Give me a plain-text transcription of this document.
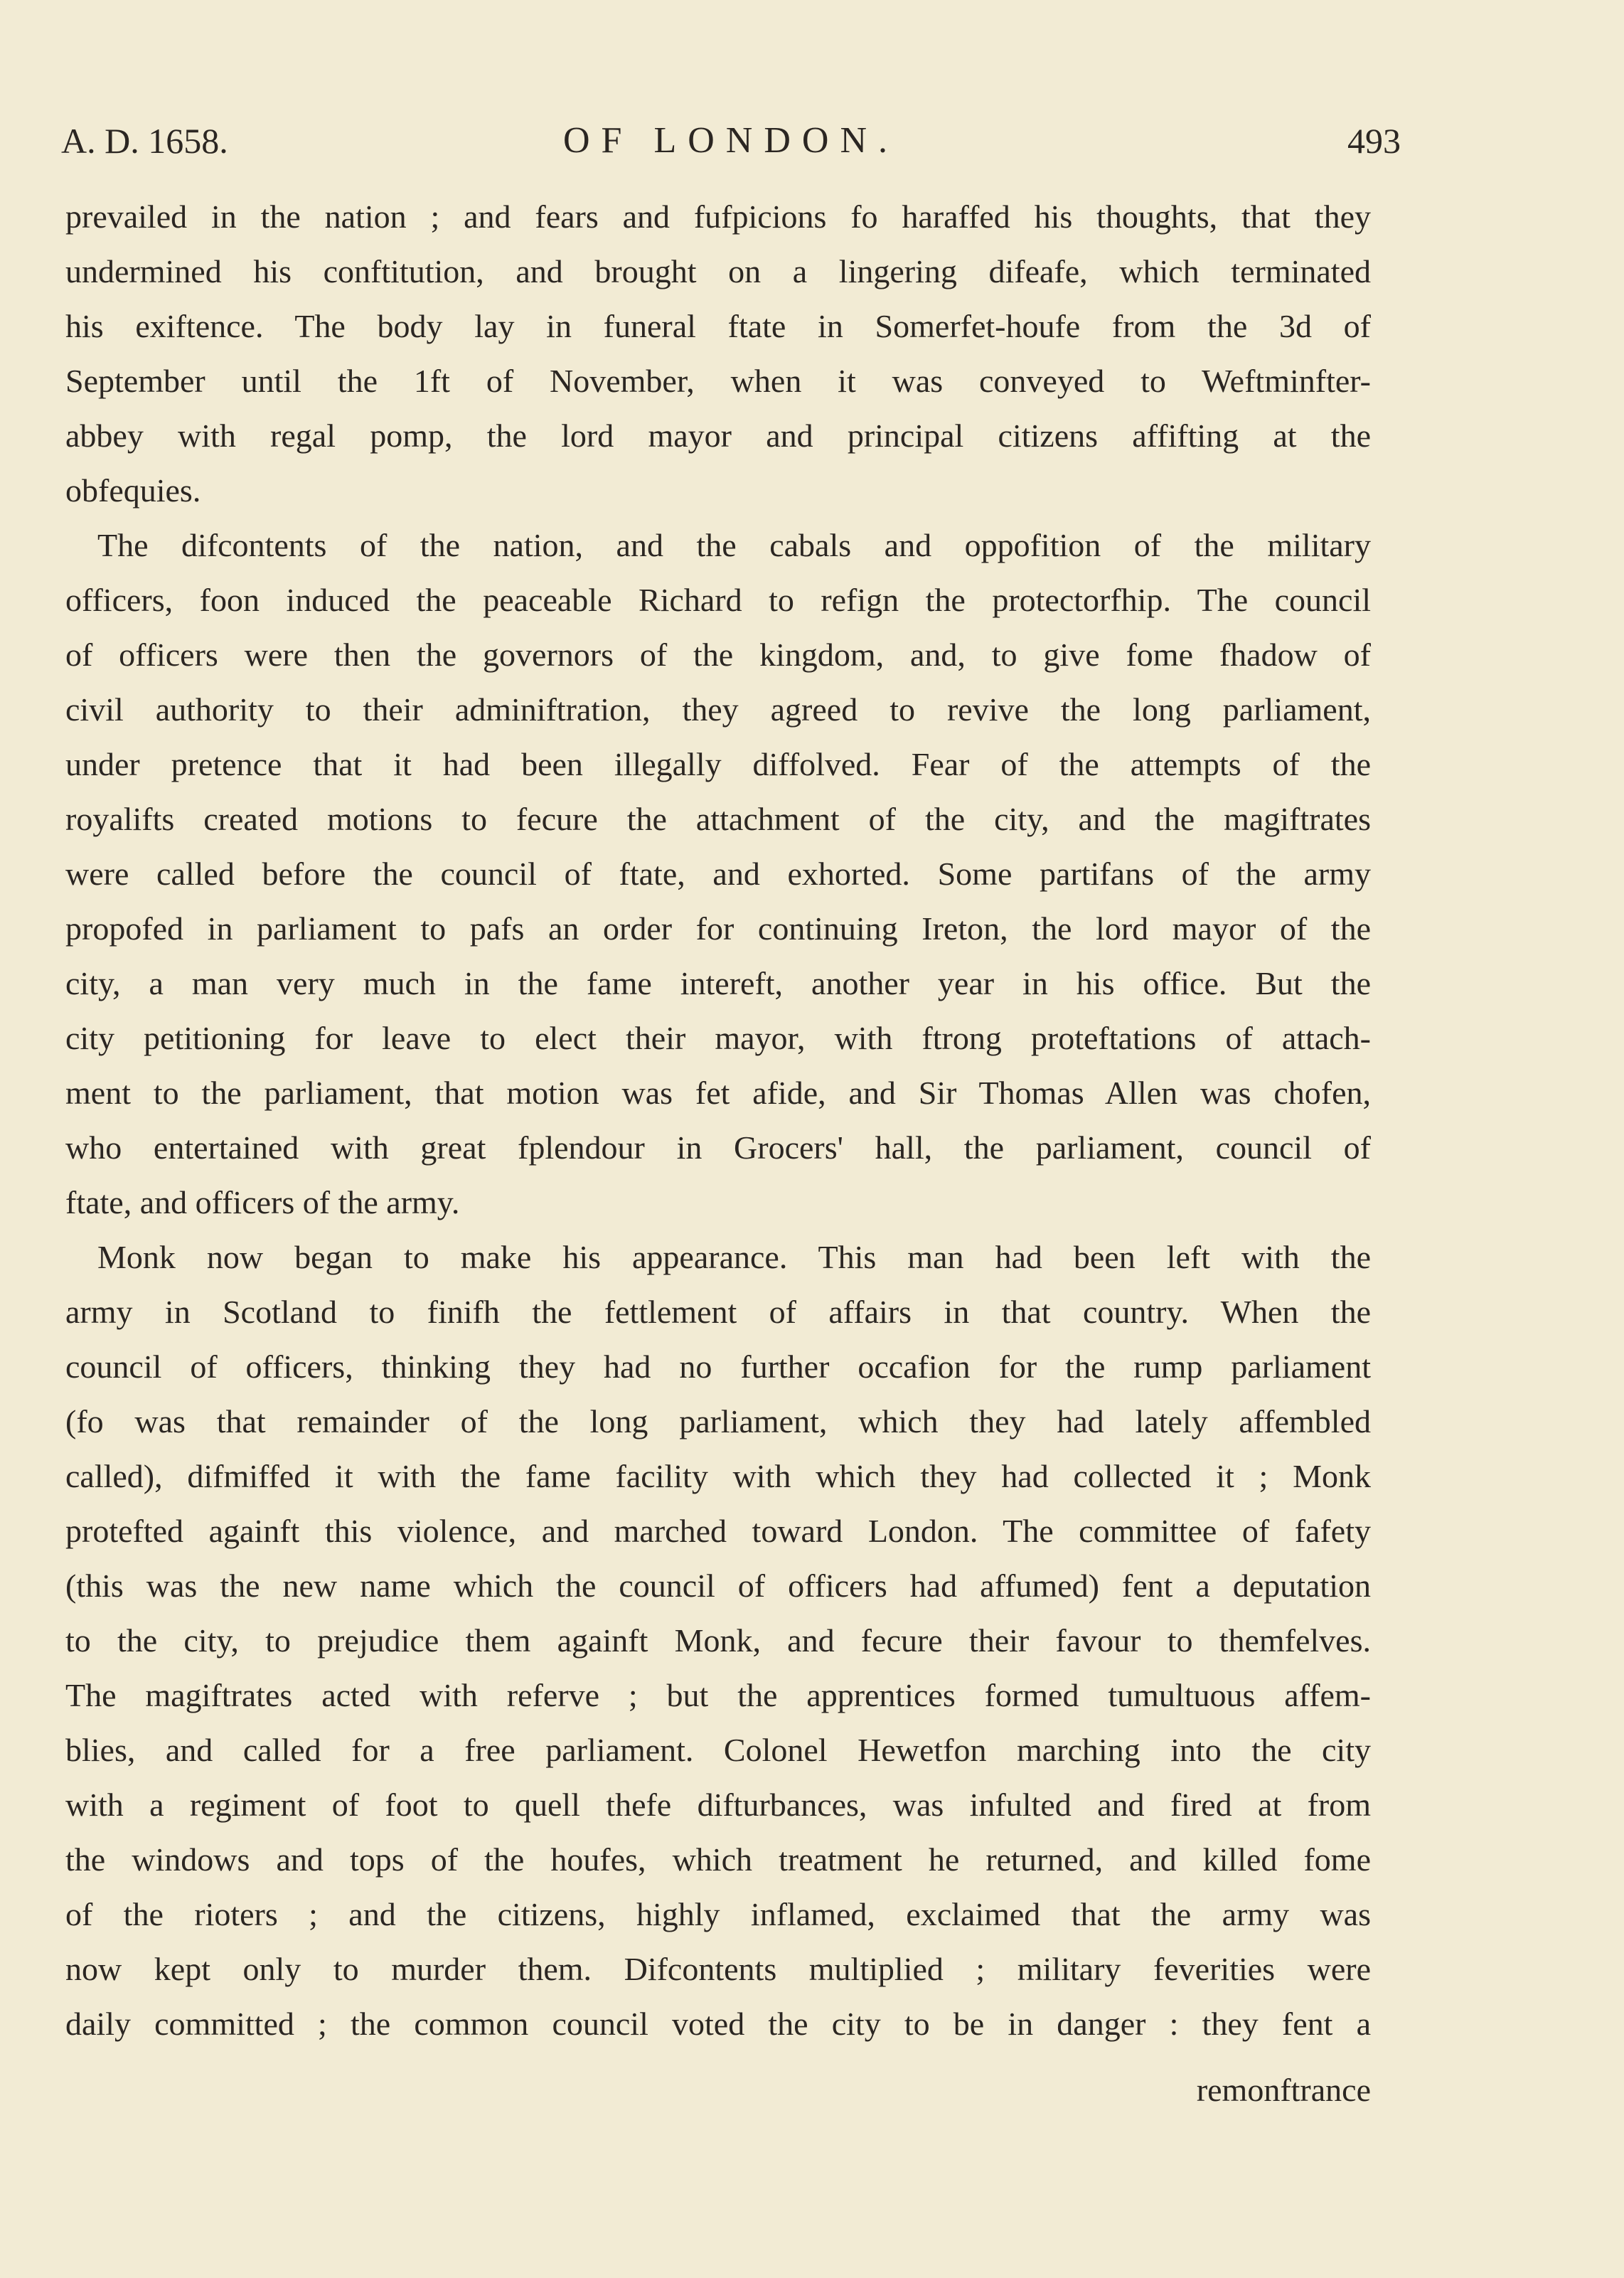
A. D. 1658.	OF LONDON.	493
prevailed in the nation ; and fears and fufpicions fo haraffed his thoughts, that they
undermined his conftitution, and brought on a lingering difeafe, which terminated
his exiftence. The body lay in funeral ftate in Somerfet-houfe from the 3d of
September until the 1ft of November, when it was conveyed to Weftminfter-
abbey with regal pomp, the lord mayor and principal citizens affifting at the
obfequies.
The difcontents of the nation, and the cabals and oppofition of the military
officers, foon induced the peaceable Richard to refign the protectorfhip. The council
of officers were then the governors of the kingdom, and, to give fome fhadow of
civil authority to their adminiftration, they agreed to revive the long parliament,
under pretence that it had been illegally diffolved. Fear of the attempts of the
royalifts created motions to fecure the attachment of the city, and the magiftrates
were called before the council of ftate, and exhorted. Some partifans of the army
propofed in parliament to pafs an order for continuing Ireton, the lord mayor of the
city, a man very much in the fame intereft, another year in his office. But the
city petitioning for leave to elect their mayor, with ftrong proteftations of attach-
ment to the parliament, that motion was fet afide, and Sir Thomas Allen was chofen,
who entertained with great fplendour in Grocers' hall, the parliament, council of
ftate, and officers of the army.
Monk now began to make his appearance. This man had been left with the
army in Scotland to finifh the fettlement of affairs in that country. When the
council of officers, thinking they had no further occafion for the rump parliament
(fo was that remainder of the long parliament, which they had lately affembled
called), difmiffed it with the fame facility with which they had collected it ; Monk
protefted againft this violence, and marched toward London. The committee of fafety
(this was the new name which the council of officers had affumed) fent a deputation
to the city, to prejudice them againft Monk, and fecure their favour to themfelves.
The magiftrates acted with referve ; but the apprentices formed tumultuous affem-
blies, and called for a free parliament. Colonel Hewetfon marching into the city
with a regiment of foot to quell thefe difturbances, was infulted and fired at from
the windows and tops of the houfes, which treatment he returned, and killed fome
of the rioters ; and the citizens, highly inflamed, exclaimed that the army was
now kept only to murder them. Difcontents multiplied ; military feverities were
daily committed ; the common council voted the city to be in danger : they fent a
remonftrance
